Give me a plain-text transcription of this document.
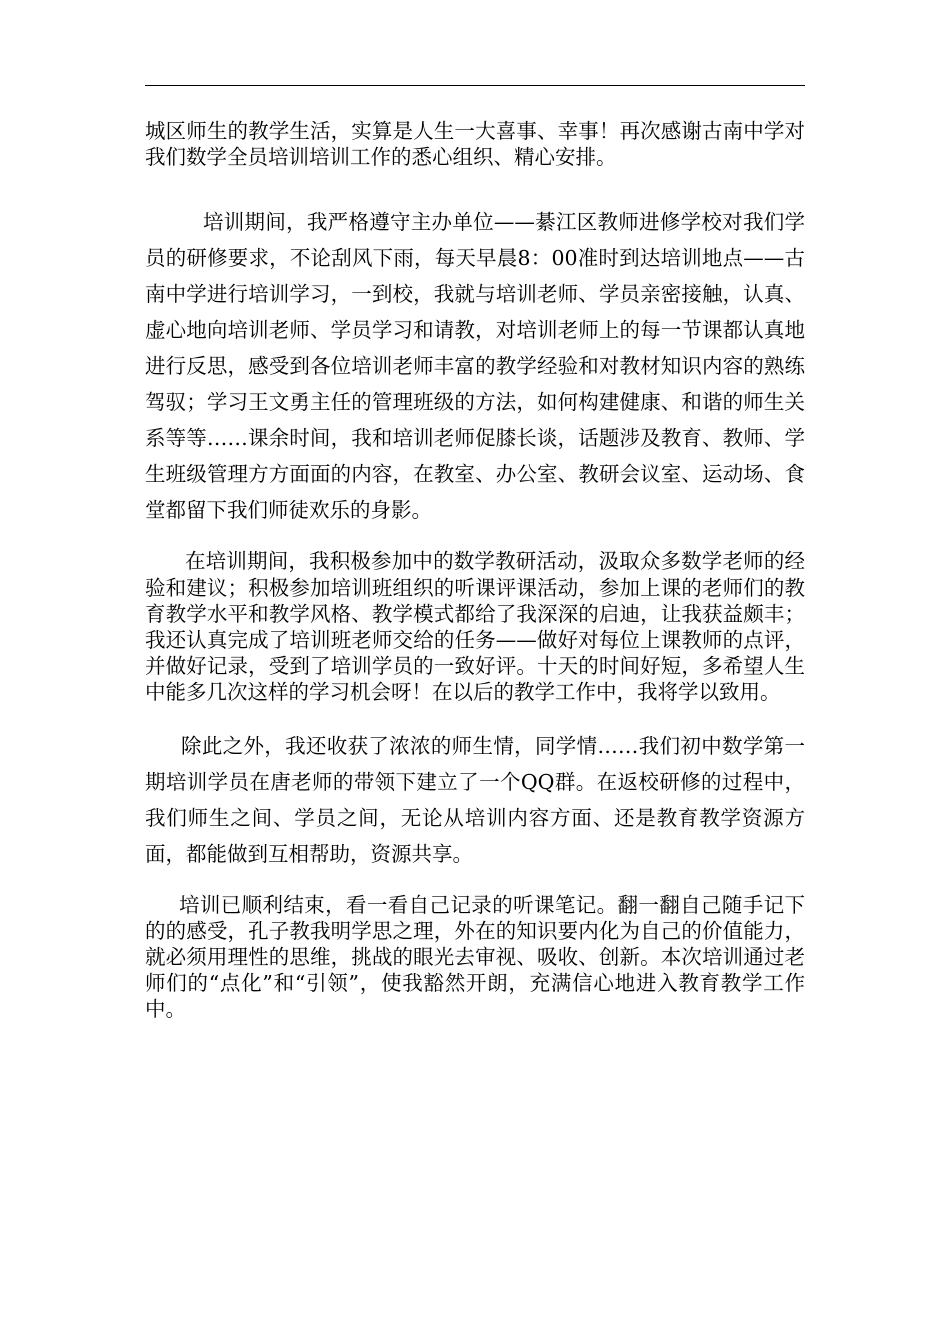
城区师生的教学生活，实算是人生一大喜事、幸事！再次感谢古南中学对我们数学全员培训培训工作的悉心组织、精心安排。

培训期间，我严格遵守主办单位——綦江区教师进修学校对我们学员的研修要求，不论刮风下雨，每天早晨8：00准时到达培训地点——古南中学进行培训学习，一到校，我就与培训老师、学员亲密接触，认真、虚心地向培训老师、学员学习和请教，对培训老师上的每一节课都认真地进行反思，感受到各位培训老师丰富的教学经验和对教材知识内容的熟练驾驭；学习王文勇主任的管理班级的方法，如何构建健康、和谐的师生关系等等……课余时间，我和培训老师促膝长谈，话题涉及教育、教师、学生班级管理方方面面的内容，在教室、办公室、教研会议室、运动场、食堂都留下我们师徒欢乐的身影。

在培训期间，我积极参加中的数学教研活动，汲取众多数学老师的经验和建议；积极参加培训班组织的听课评课活动，参加上课的老师们的教育教学水平和教学风格、教学模式都给了我深深的启迪，让我获益颇丰；我还认真完成了培训班老师交给的任务——做好对每位上课教师的点评，并做好记录，受到了培训学员的一致好评。十天的时间好短，多希望人生中能多几次这样的学习机会呀！在以后的教学工作中，我将学以致用。

除此之外，我还收获了浓浓的师生情，同学情……我们初中数学第一期培训学员在唐老师的带领下建立了一个QQ群。在返校研修的过程中，我们师生之间、学员之间，无论从培训内容方面、还是教育教学资源方面，都能做到互相帮助，资源共享。

培训已顺利结束，看一看自己记录的听课笔记。翻一翻自己随手记下的的感受，孔子教我明学思之理，外在的知识要内化为自己的价值能力，就必须用理性的思维，挑战的眼光去审视、吸收、创新。本次培训通过老师们的“点化”和“引领”，使我豁然开朗，充满信心地进入教育教学工作中。
